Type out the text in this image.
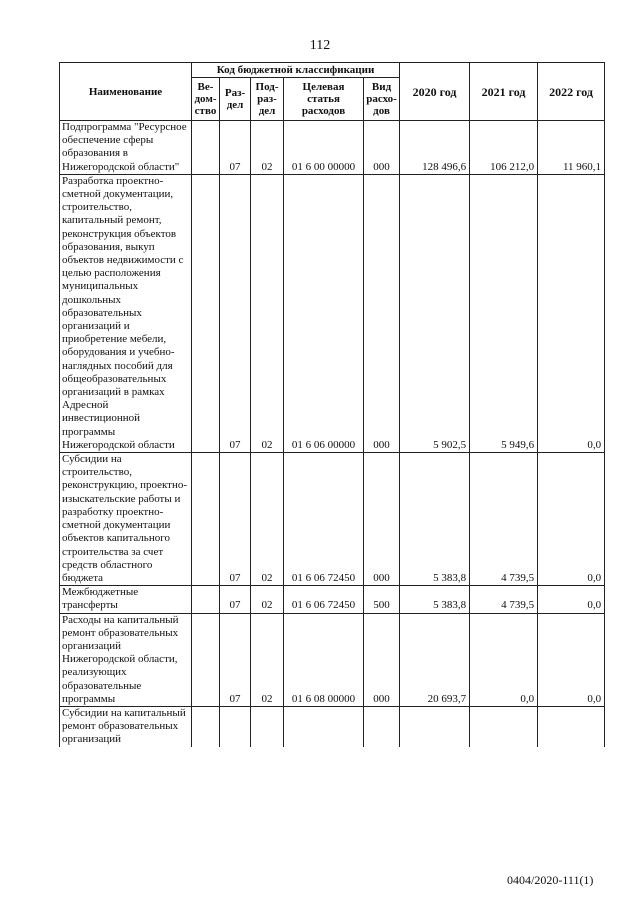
112
Наименование	Код бюджетной классификации					2020 год	2021 год	2022 год
	Ве-дом-ство	Раз-дел	Под-раз-дел	Целевая статья расходов	Вид расхо-дов			
Подпрограмма "Ресурсное обеспечение сферы образования в Нижегородской области"		07	02	01 6 00 00000	000	128 496,6	106 212,0	11 960,1
Разработка проектно-сметной документации, строительство, капитальный ремонт, реконструкция объектов образования, выкуп объектов недвижимости с целью расположения муниципальных дошкольных образовательных организаций и приобретение мебели, оборудования и учебно-наглядных пособий для общеобразовательных организаций в рамках Адресной инвестиционной программы Нижегородской области		07	02	01 6 06 00000	000	5 902,5	5 949,6	0,0
Субсидии на строительство, реконструкцию, проектно-изыскательские работы и разработку проектно-сметной документации объектов капитального строительства за счет средств областного бюджета		07	02	01 6 06 72450	000	5 383,8	4 739,5	0,0
Межбюджетные трансферты		07	02	01 6 06 72450	500	5 383,8	4 739,5	0,0
Расходы на капитальный ремонт образовательных организаций Нижегородской области, реализующих образовательные программы		07	02	01 6 08 00000	000	20 693,7	0,0	0,0
Субсидии на капитальный ремонт образовательных организаций								
0404/2020-111(1)
